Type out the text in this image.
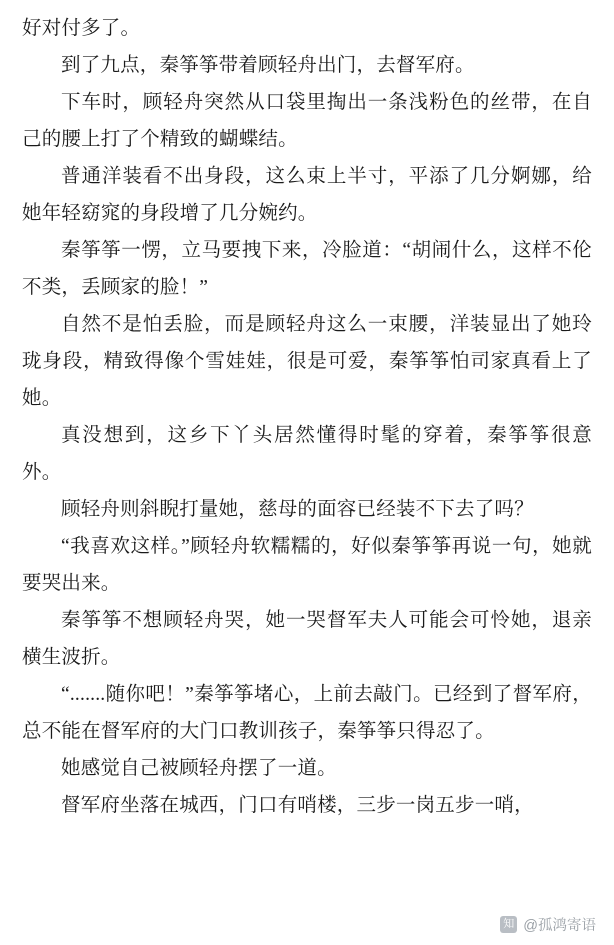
好对付多了。

到了九点，秦筝筝带着顾轻舟出门，去督军府。

下车时，顾轻舟突然从口袋里掏出一条浅粉色的丝带，在自己的腰上打了个精致的蝴蝶结。

普通洋装看不出身段，这么束上半寸，平添了几分婀娜，给她年轻窈窕的身段增了几分婉约。

秦筝筝一愣，立马要拽下来，冷脸道：“胡闹什么，这样不伦不类，丢顾家的脸！”

自然不是怕丢脸，而是顾轻舟这么一束腰，洋装显出了她玲珑身段，精致得像个雪娃娃，很是可爱，秦筝筝怕司家真看上了她。

真没想到，这乡下丫头居然懂得时髦的穿着，秦筝筝很意外。

顾轻舟则斜睨打量她，慈母的面容已经装不下去了吗？

“我喜欢这样。”顾轻舟软糯糯的，好似秦筝筝再说一句，她就要哭出来。

秦筝筝不想顾轻舟哭，她一哭督军夫人可能会可怜她，退亲横生波折。

“.......随你吧！”秦筝筝堵心，上前去敲门。已经到了督军府，总不能在督军府的大门口教训孩子，秦筝筝只得忍了。

她感觉自己被顾轻舟摆了一道。

督军府坐落在城西，门口有哨楼，三步一岗五步一哨，

知 @孤鸿寄语
